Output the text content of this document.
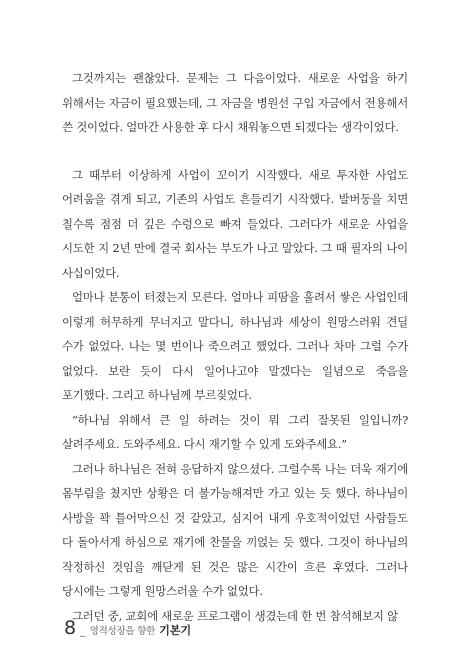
그것까지는 괜찮았다. 문제는 그 다음이었다. 새로운 사업을 하기 위해서는 자금이 필요했는데, 그 자금을 병원선 구입 자금에서 전용해서 쓴 것이었다. 얼마간 사용한 후 다시 채워놓으면 되겠다는 생각이었다.

그 때부터 이상하게 사업이 꼬이기 시작했다. 새로 투자한 사업도 어려움을 겪게 되고, 기존의 사업도 흔들리기 시작했다. 발버둥을 치면 칠수록 점점 더 깊은 수렁으로 빠져 들었다. 그러다가 새로운 사업을 시도한 지 2년 만에 결국 회사는 부도가 나고 말았다. 그 때 필자의 나이 사십이었다.

얼마나 분통이 터졌는지 모른다. 얼마나 피땀을 흘려서 쌓은 사업인데 이렇게 허무하게 무너지고 말다니, 하나님과 세상이 원망스러워 견딜 수가 없었다. 나는 몇 번이나 죽으려고 했었다. 그러나 차마 그럴 수가 없었다. 보란 듯이 다시 일어나고야 말겠다는 일념으로 죽음을 포기했다. 그리고 하나님께 부르짖었다.

“하나님 위해서 큰 일 하려는 것이 뭐 그리 잘못된 일입니까? 살려주세요. 도와주세요. 다시 재기할 수 있게 도와주세요.”

그러나 하나님은 전혀 응답하지 않으셨다. 그럴수록 나는 더욱 재기에 몸부림을 쳤지만 상황은 더 불가능해져만 가고 있는 듯 했다. 하나님이 사방을 꽉 틀어막으신 것 같았고, 심지어 내게 우호적이었던 사람들도 다 돌아서게 하심으로 재기에 찬물을 끼얹는 듯 했다. 그것이 하나님의 작정하신 것임을 깨닫게 된 것은 많은 시간이 흐른 후였다. 그러나 당시에는 그렇게 원망스러울 수가 없었다.

그러던 중, 교회에 새로운 프로그램이 생겼는데 한 번 참석해보지 않

8 _ 영적성장을 향한 기본기
